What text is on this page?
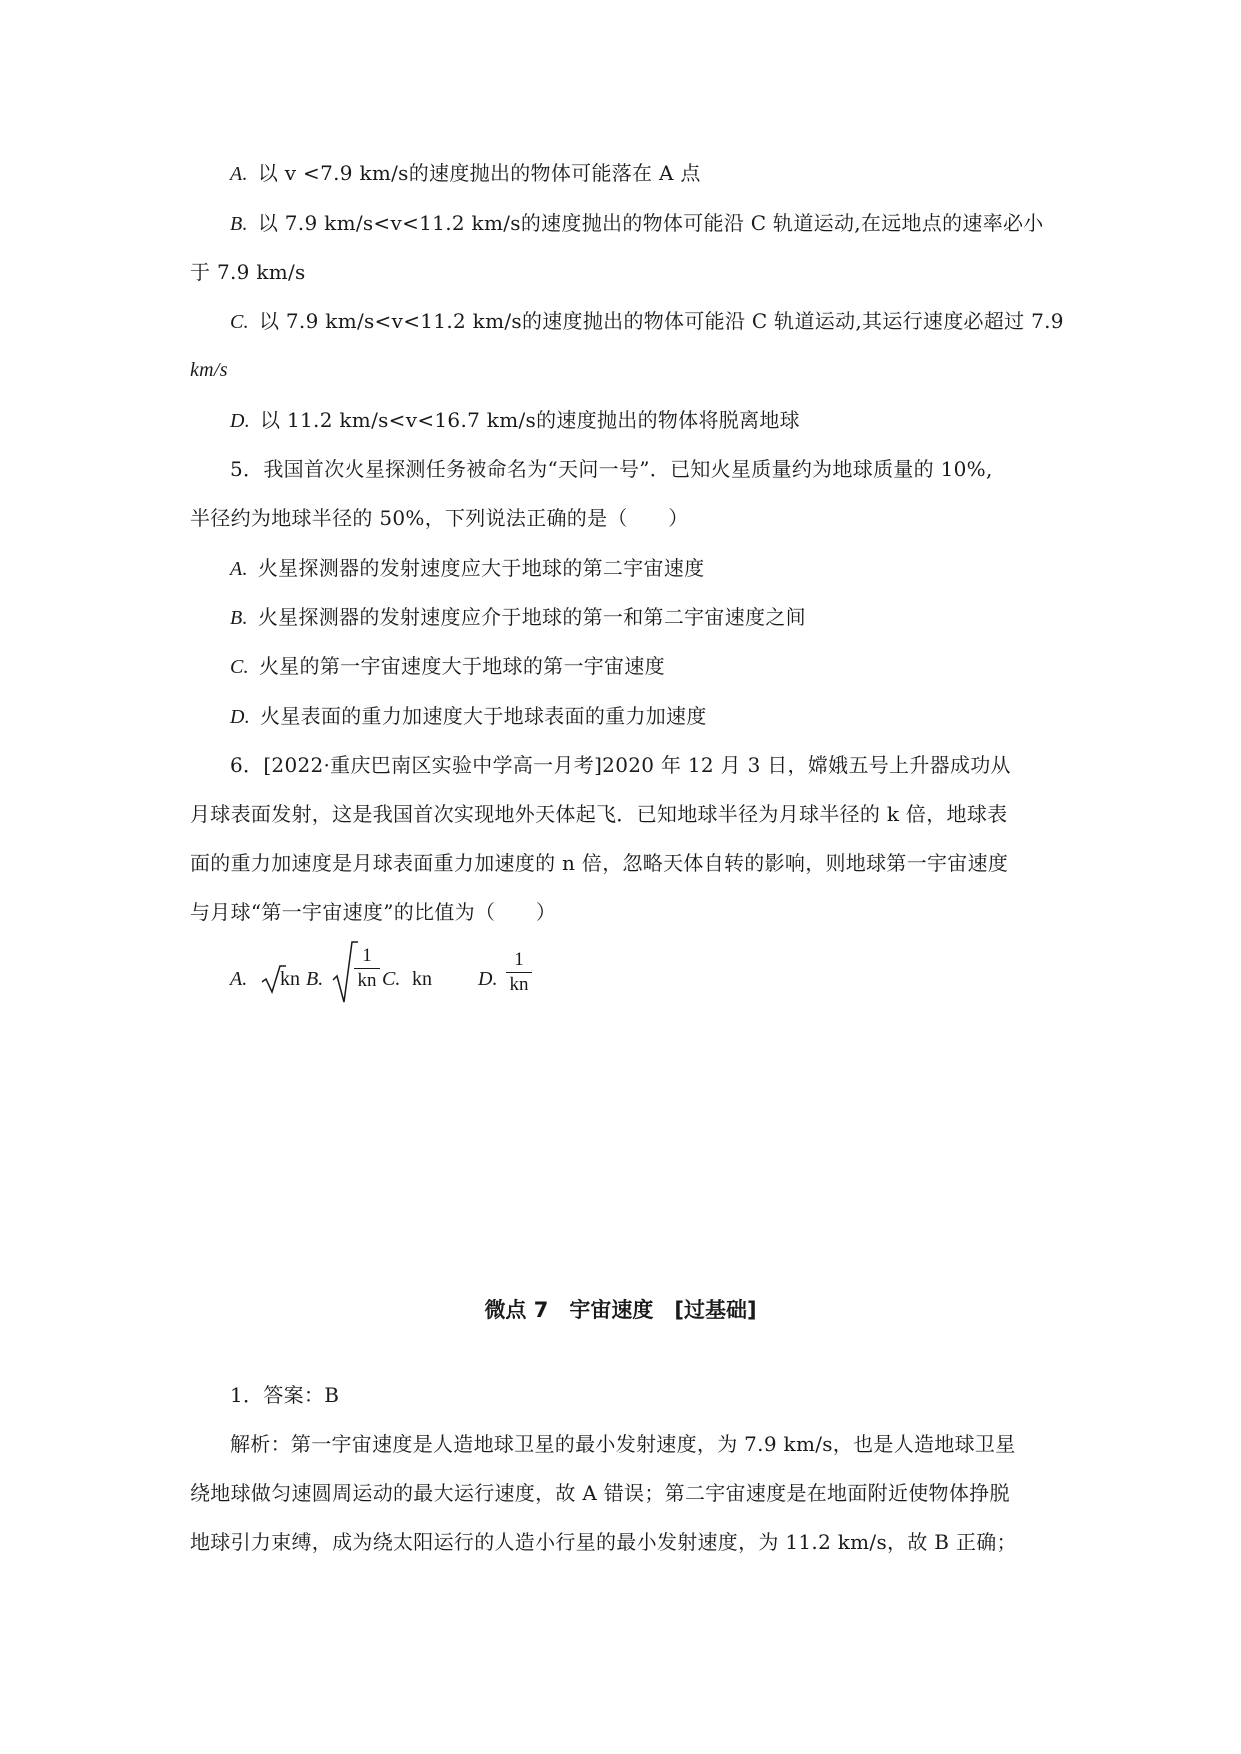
A. 以 v <7.9 km/s的速度抛出的物体可能落在 A 点
B. 以 7.9 km/s<v<11.2 km/s的速度抛出的物体可能沿 C 轨道运动,在远地点的速率必小
于 7.9 km/s
C. 以 7.9 km/s<v<11.2 km/s的速度抛出的物体可能沿 C 轨道运动,其运行速度必超过 7.9
km/s
D. 以 11.2 km/s<v<16.7 km/s的速度抛出的物体将脱离地球
5．我国首次火星探测任务被命名为“天问一号”．已知火星质量约为地球质量的 10%,
半径约为地球半径的 50%，下列说法正确的是（　　）
A. 火星探测器的发射速度应大于地球的第二宇宙速度
B. 火星探测器的发射速度应介于地球的第一和第二宇宙速度之间
C. 火星的第一宇宙速度大于地球的第一宇宙速度
D. 火星表面的重力加速度大于地球表面的重力加速度
6．[2022·重庆巴南区实验中学高一月考]2020 年 12 月 3 日，嫦娥五号上升器成功从
月球表面发射，这是我国首次实现地外天体起飞．已知地球半径为月球半径的 k 倍，地球表
面的重力加速度是月球表面重力加速度的 n 倍，忽略天体自转的影响，则地球第一宇宙速度
与月球“第一宇宙速度”的比值为（　　）
A. kn B.
1
kn C. kn D.
1
kn
微点 7　宇宙速度　[过基础]
1．答案：B
解析：第一宇宙速度是人造地球卫星的最小发射速度，为 7.9 km/s，也是人造地球卫星
绕地球做匀速圆周运动的最大运行速度，故 A 错误；第二宇宙速度是在地面附近使物体挣脱
地球引力束缚，成为绕太阳运行的人造小行星的最小发射速度，为 11.2 km/s，故 B 正确；
